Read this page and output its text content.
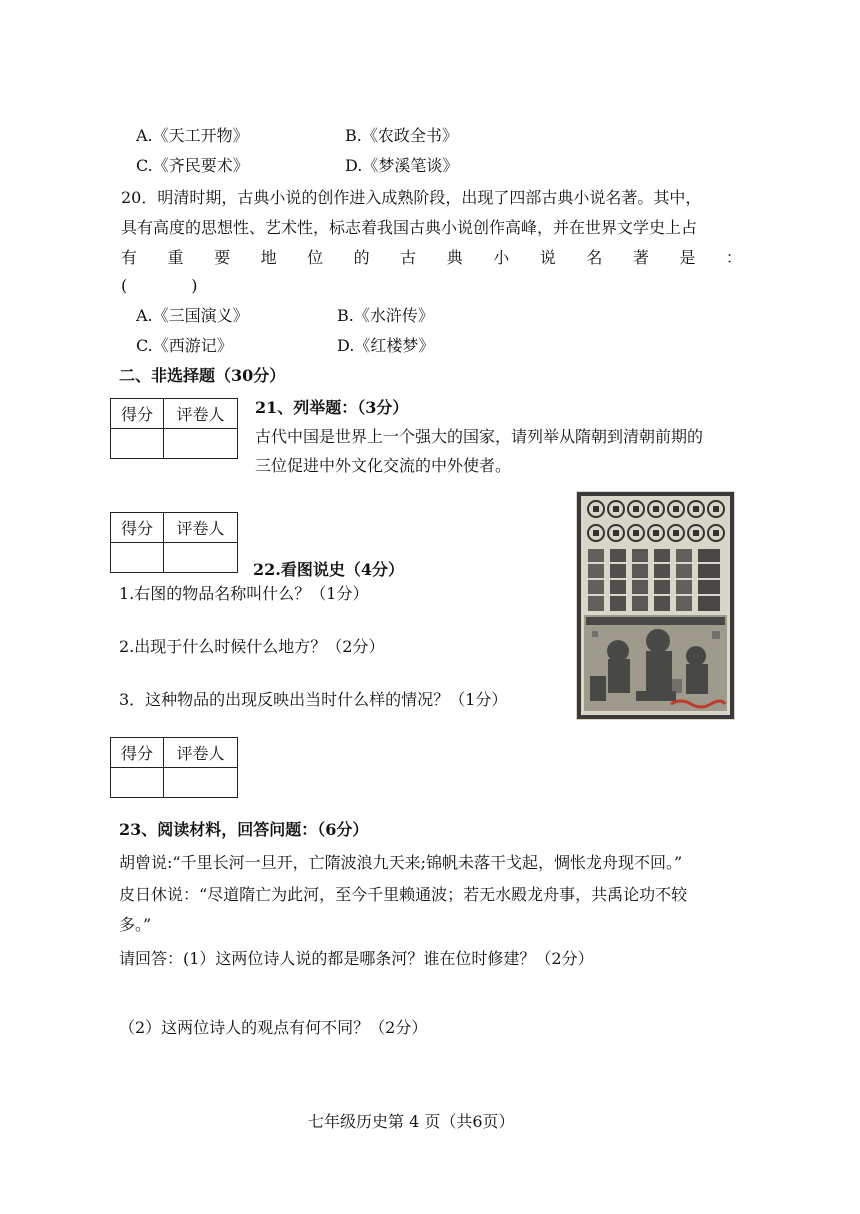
A.《天工开物》	B.《农政全书》
C.《齐民要术》	D.《梦溪笔谈》
20．明清时期，古典小说的创作进入成熟阶段，出现了四部古典小说名著。其中，
具有高度的思想性、艺术性，标志着我国古典小说创作高峰，并在世界文学史上占
有 重 要 地 位 的 古 典 小 说 名 著 是 ：
(　　　　)
A.《三国演义》	B.《水浒传》
C.《西游记》	D.《红楼梦》
二、非选择题（30分）
得分	评卷人
	21、列举题：（3分）
古代中国是世界上一个强大的国家，请列举从隋朝到清朝前期的
三位促进中外文化交流的中外使者。
得分	评卷人

22.看图说史（4分）
1.右图的物品名称叫什么？（1分）
2.出现于什么时候什么地方？（2分）
3．这种物品的出现反映出当时什么样的情况？（1分）
得分	评卷人

23、阅读材料，回答问题：（6分）
胡曾说:“千里长河一旦开，亡隋波浪九天来;锦帆未落干戈起，惆怅龙舟现不回。”
皮日休说：“尽道隋亡为此河，至今千里赖通波；若无水殿龙舟事，共禹论功不较
多。”
请回答：(1）这两位诗人说的都是哪条河？谁在位时修建？（2分）
（2）这两位诗人的观点有何不同？（2分）
七年级历史第 4 页（共6页）
